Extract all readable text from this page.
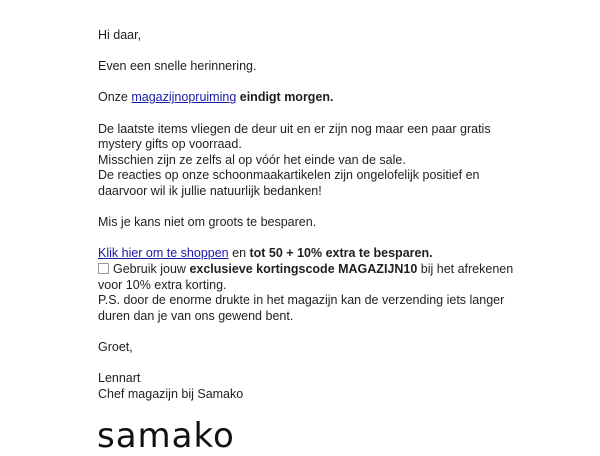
Hi daar,

Even een snelle herinnering.

Onze magazijnopruiming eindigt morgen.

De laatste items vliegen de deur uit en er zijn nog maar een paar gratis

mystery gifts op voorraad.

Misschien zijn ze zelfs al op vóór het einde van de sale.

De reacties op onze schoonmaakartikelen zijn ongelofelijk positief en

daarvoor wil ik jullie natuurlijk bedanken!

Mis je kans niet om groots te besparen.

Klik hier om te shoppen en tot 50 + 10% extra te besparen.

Gebruik jouw exclusieve kortingscode MAGAZIJN10 bij het afrekenen

voor 10% extra korting.

P.S. door de enorme drukte in het magazijn kan de verzending iets langer

duren dan je van ons gewend bent.

Groet,

Lennart

Chef magazijn bij Samako

samako
